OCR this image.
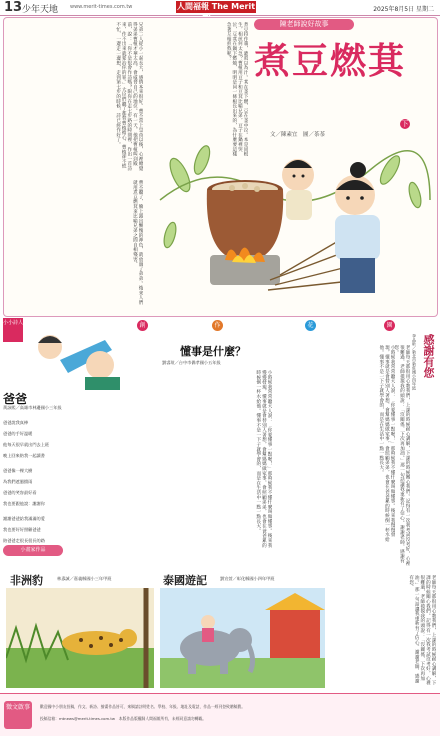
13 少年天地 www.merit-times.com.tw	人間福報 The Merit	2025年8月5日 星期二
兄弟二人從小一起長大，感情本來很好。曹丕當上皇帝以後，心裡總覺得弟弟曹植才華太高，會威脅自己的地位。有一天，他把曹植叫到殿前，說：「你不是很會作詩嗎？限你在走七步路的時間裡，作出一首詩來，作不出來就要治你的罪。」大臣們聽了都替曹植擔心，曹植卻不慌不忙，一邊走一邊想，走到第七步的時候，詩已經作好了。
曹丕聽了，臉上露出慚愧的神色，就放過了弟弟。後來人們就用煮豆燃萁來比喻兄弟之間自相殘害。
煮豆持作羹，漉菽以為汁。萁在釜下燃，豆在釜中泣。本是同根生，相煎何太急？曹植用豆子和豆萁比喻兄弟，豆子在鍋裡哭泣，豆萁在鍋下燃燒，明明是同一條根長出來的，為什麼要這樣急著互相煎熬呢？	陳老師說好故事
煮豆燃萁
下
文／陳素宜　圖／茶茶
創	作	花	園
小小詩人
爸爸
黃詠熙／高雄市林邊國小三年級
爸爸說我真棒
爸爸的手好溫暖
他每天很早就出門去上班
晚上回來陪我一起讀書
爸爸像一棵大樹
為我們遮風擋雨
爸爸的笑容最好看
我也要跟他說：謝謝你
謝謝爸爸給我滿滿的愛
我也要好好照顧爸爸
陪爸爸走很長很長的路
懂事是什麼？
劉睿瑄／台中市僑孝國小五年級
小時候我常常聽大人說：「你要懂事一點喔！」那時候我不懂什麼叫做懂事。後來我慢慢發現，懂事就是會替別人著想，會幫媽媽做家事，會照顧弟弟，也會在爸爸累的時候倒一杯水給他。懂事不是一下子就學會的，而是在生活中一點一點長大。	小時候我常常聽大人說：「你要懂事一點喔！」那時候我不懂什麼叫做懂事。後來我慢慢發現，懂事就是會替別人著想，會幫媽媽做家事，會照顧弟弟，也會在爸爸累的時候倒一杯水給他。懂事不是一下子就學會的，而是在生活中一點一點長大。	感謝有您
李品昕／新北市新莊國小四年級
老師每天都很用心教我們，上課的時候耐心講解，下課的時候關心我們。記得有一次我考試沒考好，心裡很難過，老師摸摸我的頭說：「沒關係，下次再加油。」那一句話讓我重新有了信心。謝謝老師，感謝有您。
老師每天都很用心教我們，上課的時候耐心講解，下課的時候關心我們。記得有一次我考試沒考好，心裡很難過，老師摸摸我的頭說：「沒關係，下次再加油。」那一句話讓我重新有了信心。謝謝老師，感謝有您。
小畫家作品
非洲豹	林彥誠／嘉義縣國小三年甲班	泰國遊記	劉宣萱／彰化縣國小四年甲班
徵文啟事	歡迎國中小朋友投稿，作文、新詩、繪畫作品皆可，來稿請註明姓名、學校、年級、地址及電話，作品一經刊登致贈稿費。
投稿信箱：mtnews@merit-times.com.tw　本版作品版權歸人間福報所有，未經同意請勿轉載。
